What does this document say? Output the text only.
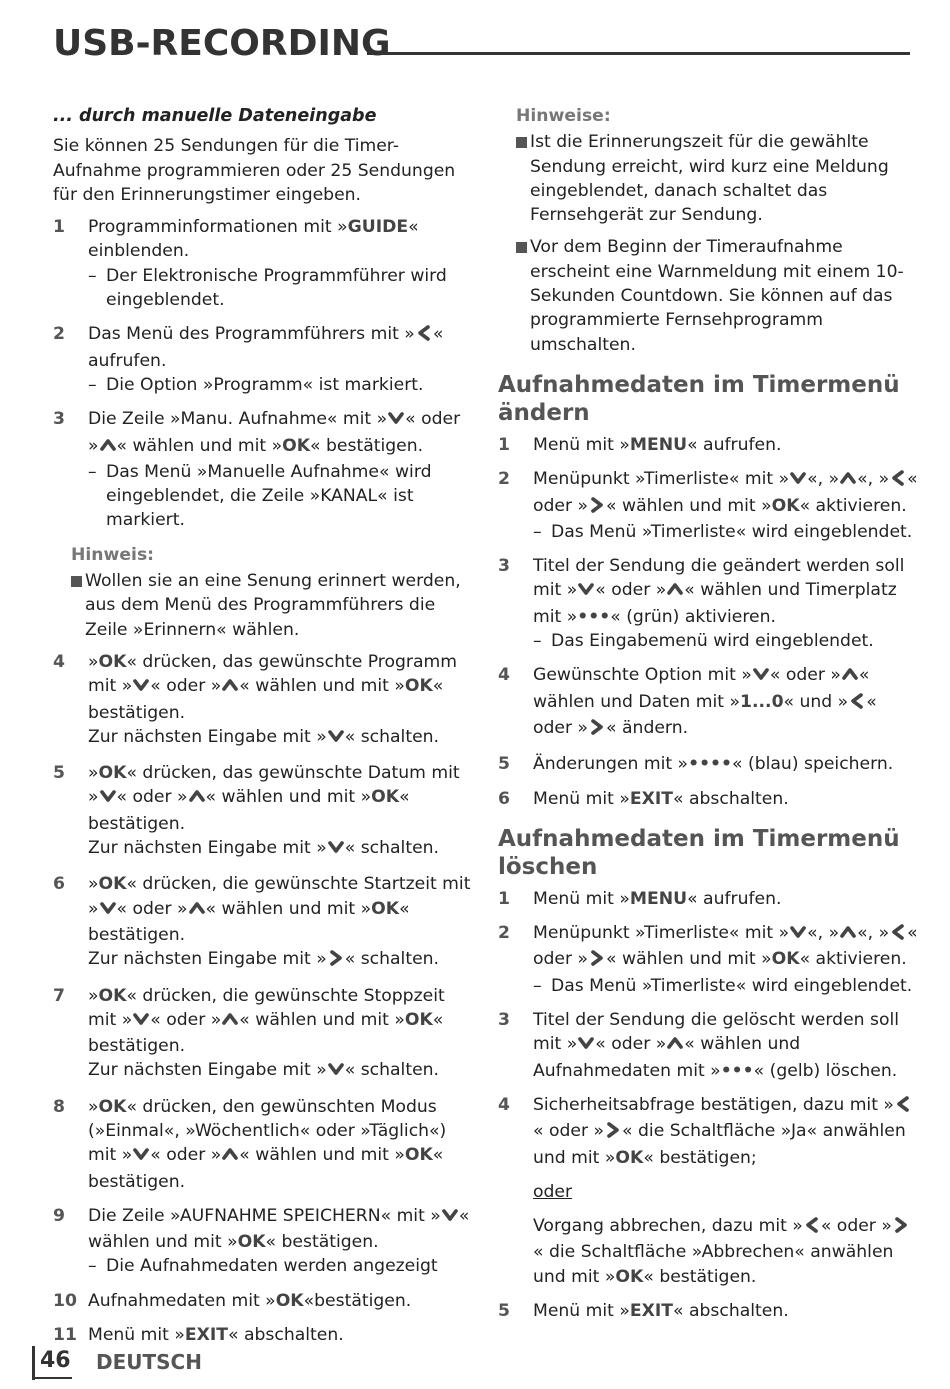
USB-RECORDING
... durch manuelle Dateneingabe
Sie können 25 Sendungen für die Timer-Aufnahme programmieren oder 25 Sendungen für den Erinnerungstimer eingeben.
1 Programminformationen mit »GUIDE« einblenden.
– Der Elektronische Programmführer wird eingeblendet.
2 Das Menü des Programmführers mit » « aufrufen.
– Die Option »Programm« ist markiert.
3 Die Zeile »Manu. Aufnahme« mit » « oder » « wählen und mit »OK« bestätigen.
– Das Menü »Manuelle Aufnahme« wird eingeblendet, die Zeile »KANAL« ist markiert.
Hinweis:
Wollen sie an eine Senung erinnert werden, aus dem Menü des Programmführers die Zeile »Erinnern« wählen.
4 »OK« drücken, das gewünschte Programm mit » « oder » « wählen und mit »OK« bestätigen.
Zur nächsten Eingabe mit » « schalten.
5 »OK« drücken, das gewünschte Datum mit » « oder » « wählen und mit »OK« bestätigen.
Zur nächsten Eingabe mit » « schalten.
6 »OK« drücken, die gewünschte Startzeit mit » « oder » « wählen und mit »OK« bestätigen.
Zur nächsten Eingabe mit » « schalten.
7 »OK« drücken, die gewünschte Stoppzeit mit » « oder » « wählen und mit »OK« bestätigen.
Zur nächsten Eingabe mit » « schalten.
8 »OK« drücken, den gewünschten Modus (»Einmal«, »Wöchentlich« oder »Täglich«) mit » « oder » « wählen und mit »OK« bestätigen.
9 Die Zeile »AUFNAHME SPEICHERN« mit » « wählen und mit »OK« bestätigen.
– Die Aufnahmedaten werden angezeigt
10 Aufnahmedaten mit »OK«bestätigen.
11 Menü mit »EXIT« abschalten.
Hinweise:
Ist die Erinnerungszeit für die gewählte Sendung erreicht, wird kurz eine Meldung eingeblendet, danach schaltet das Fernsehgerät zur Sendung.
Vor dem Beginn der Timeraufnahme erscheint eine Warnmeldung mit einem 10-Sekunden Countdown. Sie können auf das programmierte Fernsehprogramm umschalten.
Aufnahmedaten im Timermenü ändern
1 Menü mit »MENU« aufrufen.
2 Menüpunkt »Timerliste« mit » «, » «, » « oder » « wählen und mit »OK« aktivieren.
– Das Menü »Timerliste« wird eingeblendet.
3 Titel der Sendung die geändert werden soll mit » « oder » « wählen und Timerplatz mit »•••« (grün) aktivieren.
– Das Eingabemenü wird eingeblendet.
4 Gewünschte Option mit » « oder » « wählen und Daten mit »1...0« und » « oder » « ändern.
5 Änderungen mit »••••« (blau) speichern.
6 Menü mit »EXIT« abschalten.
Aufnahmedaten im Timermenü löschen
1 Menü mit »MENU« aufrufen.
2 Menüpunkt »Timerliste« mit » «, » «, » « oder » « wählen und mit »OK« aktivieren.
– Das Menü »Timerliste« wird eingeblendet.
3 Titel der Sendung die gelöscht werden soll mit » « oder » « wählen und Aufnahmedaten mit »•••« (gelb) löschen.
4 Sicherheitsabfrage bestätigen, dazu mit »« oder » « die Schaltfläche »Ja« anwählen und mit »OK« bestätigen;
oder
Vorgang abbrechen, dazu mit » « oder »« die Schaltfläche »Abbrechen« anwählen und mit »OK« bestätigen.
5 Menü mit »EXIT« abschalten.
46 DEUTSCH
